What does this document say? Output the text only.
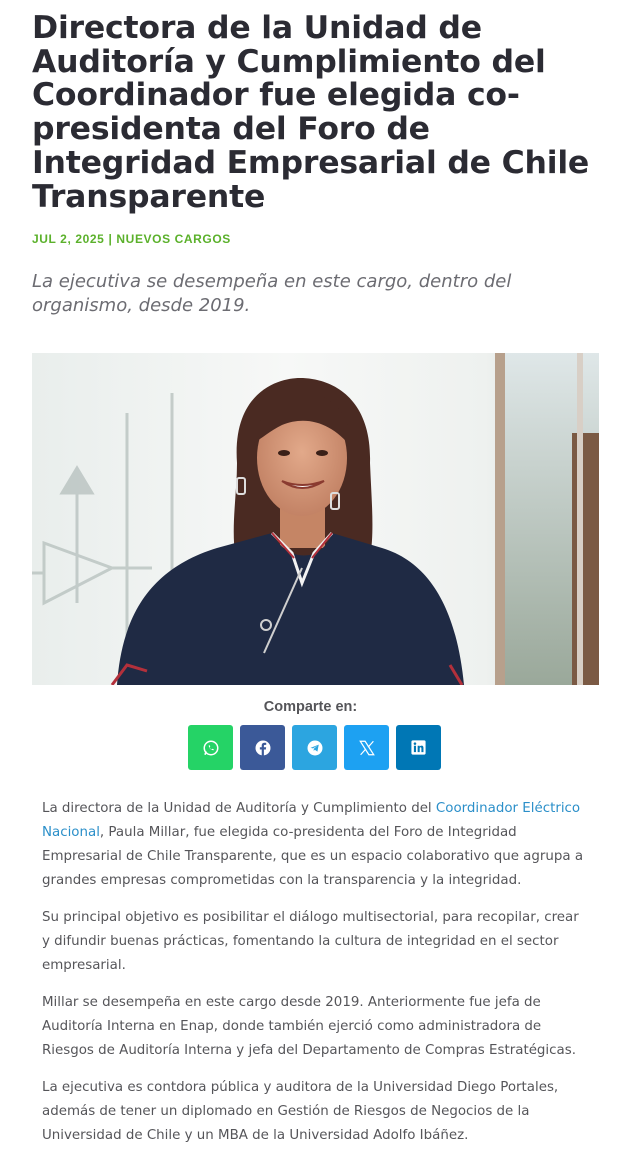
Directora de la Unidad de Auditoría y Cumplimiento del Coordinador fue elegida co-presidenta del Foro de Integridad Empresarial de Chile Transparente
JUL 2, 2025 | NUEVOS CARGOS

La ejecutiva se desempeña en este cargo, dentro del organismo, desde 2019.

Comparte en:

La directora de la Unidad de Auditoría y Cumplimiento del Coordinador Eléctrico Nacional, Paula Millar, fue elegida co-presidenta del Foro de Integridad Empresarial de Chile Transparente, que es un espacio colaborativo que agrupa a grandes empresas comprometidas con la transparencia y la integridad.

Su principal objetivo es posibilitar el diálogo multisectorial, para recopilar, crear y difundir buenas prácticas, fomentando la cultura de integridad en el sector empresarial.

Millar se desempeña en este cargo desde 2019. Anteriormente fue jefa de Auditoría Interna en Enap, donde también ejerció como administradora de Riesgos de Auditoría Interna y jefa del Departamento de Compras Estratégicas.

La ejecutiva es contdora pública y auditora de la Universidad Diego Portales, además de tener un diplomado en Gestión de Riesgos de Negocios de la Universidad de Chile y un MBA de la Universidad Adolfo Ibáñez.
